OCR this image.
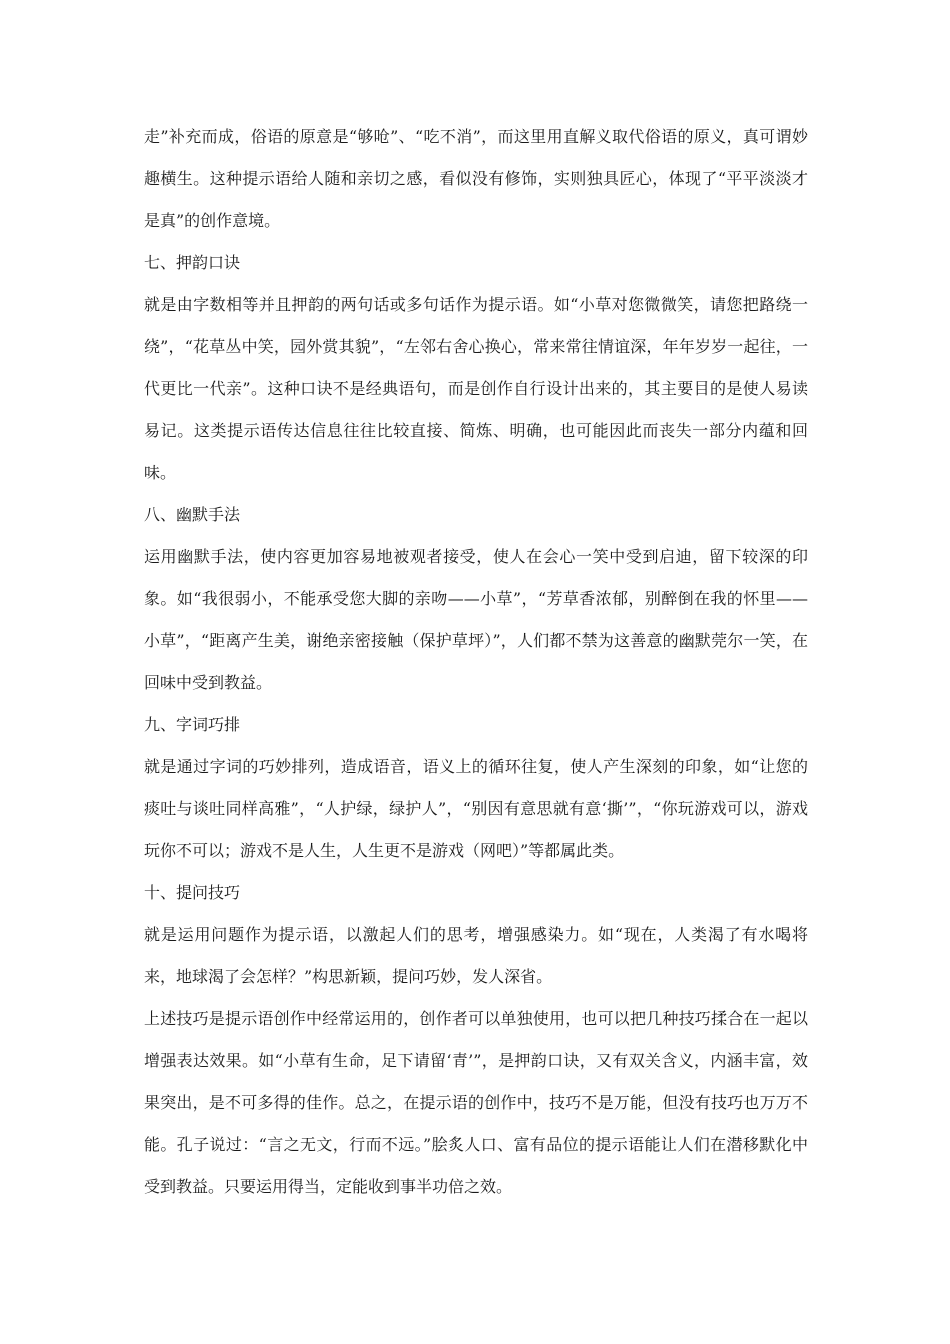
走”补充而成，俗语的原意是“够呛”、“吃不消”，而这里用直解义取代俗语的原义，真可谓妙趣横生。这种提示语给人随和亲切之感，看似没有修饰，实则独具匠心，体现了“平平淡淡才是真”的创作意境。

七、押韵口诀

就是由字数相等并且押韵的两句话或多句话作为提示语。如“小草对您微微笑，请您把路绕一绕”，“花草丛中笑，园外赏其貌”，“左邻右舍心换心，常来常往情谊深，年年岁岁一起往，一代更比一代亲”。这种口诀不是经典语句，而是创作自行设计出来的，其主要目的是使人易读易记。这类提示语传达信息往往比较直接、简炼、明确，也可能因此而丧失一部分内蕴和回味。

八、幽默手法

运用幽默手法，使内容更加容易地被观者接受，使人在会心一笑中受到启迪，留下较深的印象。如“我很弱小，不能承受您大脚的亲吻——小草”，“芳草香浓郁，别醉倒在我的怀里——小草”，“距离产生美，谢绝亲密接触（保护草坪）”，人们都不禁为这善意的幽默莞尔一笑，在回味中受到教益。

九、字词巧排

就是通过字词的巧妙排列，造成语音，语义上的循环往复，使人产生深刻的印象，如“让您的痰吐与谈吐同样高雅”，“人护绿，绿护人”，“别因有意思就有意‘撕’”，“你玩游戏可以，游戏玩你不可以；游戏不是人生，人生更不是游戏（网吧）”等都属此类。

十、提问技巧

就是运用问题作为提示语，以激起人们的思考，增强感染力。如“现在，人类渴了有水喝将来，地球渴了会怎样？”构思新颖，提问巧妙，发人深省。

上述技巧是提示语创作中经常运用的，创作者可以单独使用，也可以把几种技巧揉合在一起以增强表达效果。如“小草有生命，足下请留‘青’”，是押韵口诀，又有双关含义，内涵丰富，效果突出，是不可多得的佳作。总之，在提示语的创作中，技巧不是万能，但没有技巧也万万不能。孔子说过：“言之无文，行而不远。”脍炙人口、富有品位的提示语能让人们在潜移默化中受到教益。只要运用得当，定能收到事半功倍之效。
